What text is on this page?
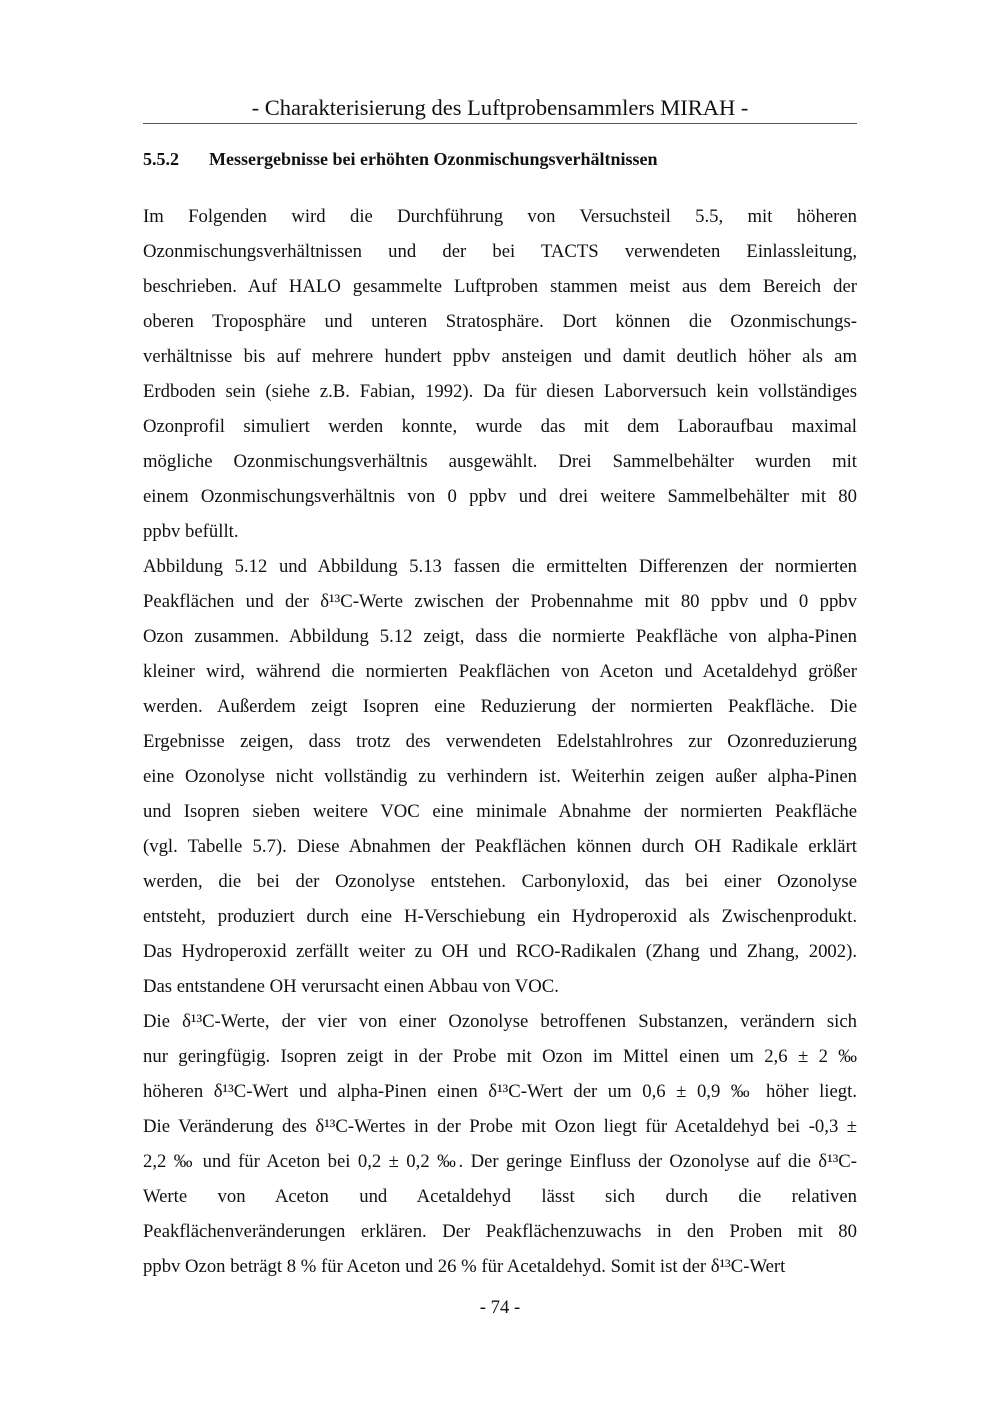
- Charakterisierung des Luftprobensammlers MIRAH -
5.5.2 Messergebnisse bei erhöhten Ozonmischungsverhältnissen
Im Folgenden wird die Durchführung von Versuchsteil 5.5, mit höheren
Ozonmischungsverhältnissen und der bei TACTS verwendeten Einlassleitung,
beschrieben. Auf HALO gesammelte Luftproben stammen meist aus dem Bereich der
oberen Troposphäre und unteren Stratosphäre. Dort können die Ozonmischungs-
verhältnisse bis auf mehrere hundert ppbv ansteigen und damit deutlich höher als am
Erdboden sein (siehe z.B. Fabian, 1992). Da für diesen Laborversuch kein vollständiges
Ozonprofil simuliert werden konnte, wurde das mit dem Laboraufbau maximal
mögliche Ozonmischungsverhältnis ausgewählt. Drei Sammelbehälter wurden mit
einem Ozonmischungsverhältnis von 0 ppbv und drei weitere Sammelbehälter mit 80
ppbv befüllt.
Abbildung 5.12 und Abbildung 5.13 fassen die ermittelten Differenzen der normierten
Peakflächen und der δ¹³C-Werte zwischen der Probennahme mit 80 ppbv und 0 ppbv
Ozon zusammen. Abbildung 5.12 zeigt, dass die normierte Peakfläche von alpha-Pinen
kleiner wird, während die normierten Peakflächen von Aceton und Acetaldehyd größer
werden. Außerdem zeigt Isopren eine Reduzierung der normierten Peakfläche. Die
Ergebnisse zeigen, dass trotz des verwendeten Edelstahlrohres zur Ozonreduzierung
eine Ozonolyse nicht vollständig zu verhindern ist. Weiterhin zeigen außer alpha-Pinen
und Isopren sieben weitere VOC eine minimale Abnahme der normierten Peakfläche
(vgl. Tabelle 5.7). Diese Abnahmen der Peakflächen können durch OH Radikale erklärt
werden, die bei der Ozonolyse entstehen. Carbonyloxid, das bei einer Ozonolyse
entsteht, produziert durch eine H-Verschiebung ein Hydroperoxid als Zwischenprodukt.
Das Hydroperoxid zerfällt weiter zu OH und RCO-Radikalen (Zhang und Zhang, 2002).
Das entstandene OH verursacht einen Abbau von VOC.
Die δ¹³C-Werte, der vier von einer Ozonolyse betroffenen Substanzen, verändern sich
nur geringfügig. Isopren zeigt in der Probe mit Ozon im Mittel einen um 2,6 ± 2 ‰
höheren δ¹³C-Wert und alpha-Pinen einen δ¹³C-Wert der um 0,6 ± 0,9 ‰ höher liegt.
Die Veränderung des δ¹³C-Wertes in der Probe mit Ozon liegt für Acetaldehyd bei -0,3 ±
2,2 ‰ und für Aceton bei 0,2 ± 0,2 ‰. Der geringe Einfluss der Ozonolyse auf die δ¹³C-
Werte von Aceton und Acetaldehyd lässt sich durch die relativen
Peakflächenveränderungen erklären. Der Peakflächenzuwachs in den Proben mit 80
ppbv Ozon beträgt 8 % für Aceton und 26 % für Acetaldehyd. Somit ist der δ¹³C-Wert
- 74 -
